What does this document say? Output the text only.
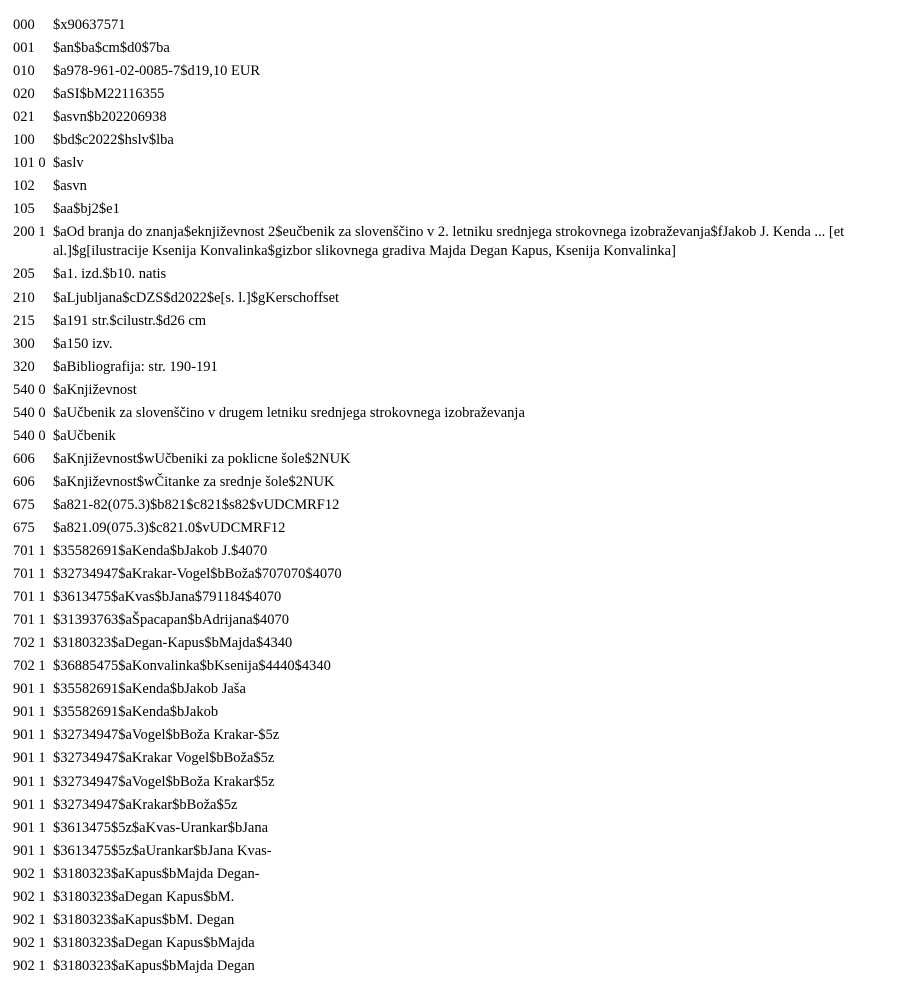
000	$x90637571
001	$an$ba$cm$d0$7ba
010	$a978-961-02-0085-7$d19,10 EUR
020	$aSI$bM22116355
021	$asvn$b202206938
100	$bd$c2022$hslv$lba
101 0 $aslv
102	$asvn
105	$aa$bj2$e1
200 1 $aOd branja do znanja$eknjiževnost 2$eučbenik za slovenščino v 2. letniku srednjega strokovnega izobraževanja$fJakob J. Kenda ... [et al.]$g[ilustracije Ksenija Konvalinka$gizbor slikovnega gradiva Majda Degan Kapus, Ksenija Konvalinka]
205	$a1. izd.$b10. natis
210	$aLjubljana$cDZS$d2022$e[s. l.]$gKerschoffset
215	$a191 str.$cilustr.$d26 cm
300	$a150 izv.
320	$aBibliografija: str. 190-191
540 0 $aKnjiževnost
540 0 $aUčbenik za slovenščino v drugem letniku srednjega strokovnega izobraževanja
540 0 $aUčbenik
606	$aKnjiževnost$wUčbeniki za poklicne šole$2NUK
606	$aKnjiževnost$wČitanke za srednje šole$2NUK
675	$a821-82(075.3)$b821$c821$s82$vUDCMRF12
675	$a821.09(075.3)$c821.0$vUDCMRF12
701 1 $35582691$aKenda$bJakob J.$4070
701 1 $32734947$aKrakar-Vogel$bBoža$707070$4070
701 1 $3613475$aKvas$bJana$791184$4070
701 1 $31393763$aŠpacapan$bAdrijana$4070
702 1 $3180323$aDegan-Kapus$bMajda$4340
702 1 $36885475$aKonvalinka$bKsenija$4440$4340
901 1 $35582691$aKenda$bJakob Jaša
901 1 $35582691$aKenda$bJakob
901 1 $32734947$aVogel$bBoža Krakar-$5z
901 1 $32734947$aKrakar Vogel$bBoža$5z
901 1 $32734947$aVogel$bBoža Krakar$5z
901 1 $32734947$aKrakar$bBoža$5z
901 1 $3613475$5z$aKvas-Urankar$bJana
901 1 $3613475$5z$aUrankar$bJana Kvas-
902 1 $3180323$aKapus$bMajda Degan-
902 1 $3180323$aDegan Kapus$bM.
902 1 $3180323$aKapus$bM. Degan
902 1 $3180323$aDegan Kapus$bMajda
902 1 $3180323$aKapus$bMajda Degan
